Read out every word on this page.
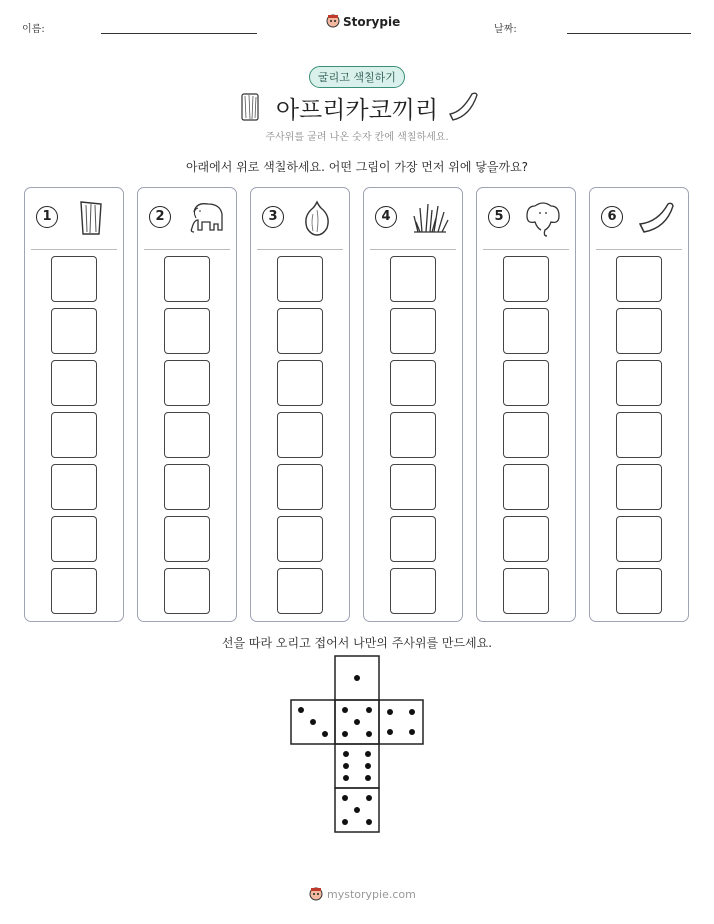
이름:
Storypie
날짜:
굴리고 색칠하기
아프리카코끼리
주사위를 굴려 나온 숫자 칸에 색칠하세요.
아래에서 위로 색칠하세요. 어떤 그림이 가장 먼저 위에 닿을까요?
1	2	3	4	5	6
선을 따라 오리고 접어서 나만의 주사위를 만드세요.
mystorypie.com
